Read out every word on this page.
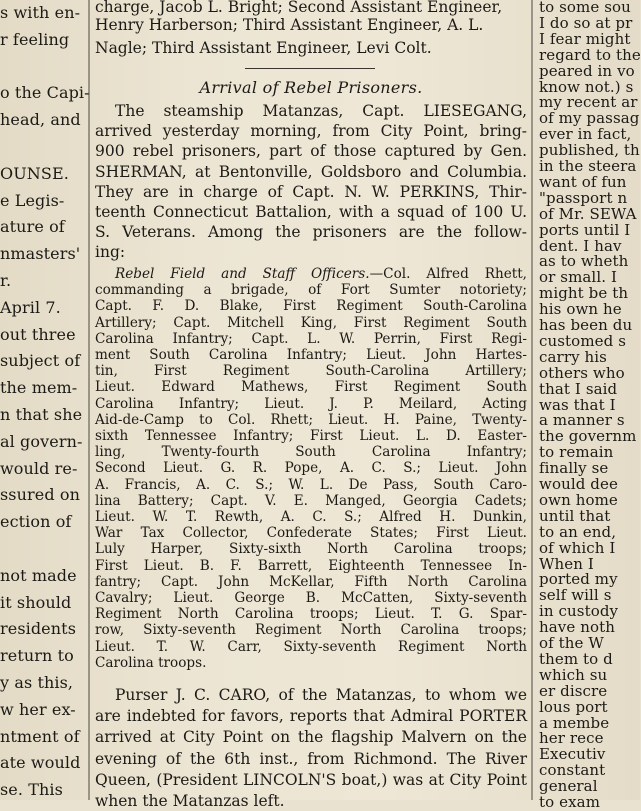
s with en-
r feeling
o the Capi-
head, and
OUNSE.
e Legis-
ature of
nmasters'
r.
April 7.
out three
subject of
the mem-
n that she
al govern-
would re-
ssured on
ection of
not made
it should
residents
return to
y as this,
w her ex-
ntment of
ate would
se. This
charge, Jacob L. Bright; Second Assistant Engineer,
Henry Harberson; Third Assistant Engineer, A. L.
Nagle; Third Assistant Engineer, Levi Colt.
Arrival of Rebel Prisoners.
The steamship Matanzas, Capt. LIESEGANG,
arrived yesterday morning, from City Point, bring-
900 rebel prisoners, part of those captured by Gen.
SHERMAN, at Bentonville, Goldsboro and Columbia.
They are in charge of Capt. N. W. PERKINS, Thir-
teenth Connecticut Battalion, with a squad of 100 U.
S. Veterans. Among the prisoners are the follow-
ing:
Rebel Field and Staff Officers.—Col. Alfred Rhett,
commanding a brigade, of Fort Sumter notoriety;
Capt. F. D. Blake, First Regiment South-Carolina
Artillery; Capt. Mitchell King, First Regiment South
Carolina Infantry; Capt. L. W. Perrin, First Regi-
ment South Carolina Infantry; Lieut. John Hartes-
tin, First Regiment South-Carolina Artillery;
Lieut. Edward Mathews, First Regiment South
Carolina Infantry; Lieut. J. P. Meilard, Acting
Aid-de-Camp to Col. Rhett; Lieut. H. Paine, Twenty-
sixth Tennessee Infantry; First Lieut. L. D. Easter-
ling, Twenty-fourth South Carolina Infantry;
Second Lieut. G. R. Pope, A. C. S.; Lieut. John
A. Francis, A. C. S.; W. L. De Pass, South Caro-
lina Battery; Capt. V. E. Manged, Georgia Cadets;
Lieut. W. T. Rewth, A. C. S.; Alfred H. Dunkin,
War Tax Collector, Confederate States; First Lieut.
Luly Harper, Sixty-sixth North Carolina troops;
First Lieut. B. F. Barrett, Eighteenth Tennessee In-
fantry; Capt. John McKellar, Fifth North Carolina
Cavalry; Lieut. George B. McCatten, Sixty-seventh
Regiment North Carolina troops; Lieut. T. G. Spar-
row, Sixty-seventh Regiment North Carolina troops;
Lieut. T. W. Carr, Sixty-seventh Regiment North
Carolina troops.
Purser J. C. CARO, of the Matanzas, to whom we
are indebted for favors, reports that Admiral PORTER
arrived at City Point on the flagship Malvern on the
evening of the 6th inst., from Richmond. The River
Queen, (President LINCOLN'S boat,) was at City Point
when the Matanzas left.
to some sou
I do so at pr
I fear might
regard to the
peared in vo
know not.) s
my recent ar
of my passag
ever in fact,
published, th
in the steera
want of fun
"passport n
of Mr. SEWA
ports until I
dent. I hav
as to wheth
or small. I
might be th
his own he
has been du
customed s
carry his
others who
that I said
was that I
a manner s
the governm
to remain
finally se
would dee
own home
until that
to an end,
of which I
When I
ported my
self will s
in custody
have noth
of the W
them to d
which su
er discre
lous port
a membe
her rece
Executiv
constant
general
to exam
